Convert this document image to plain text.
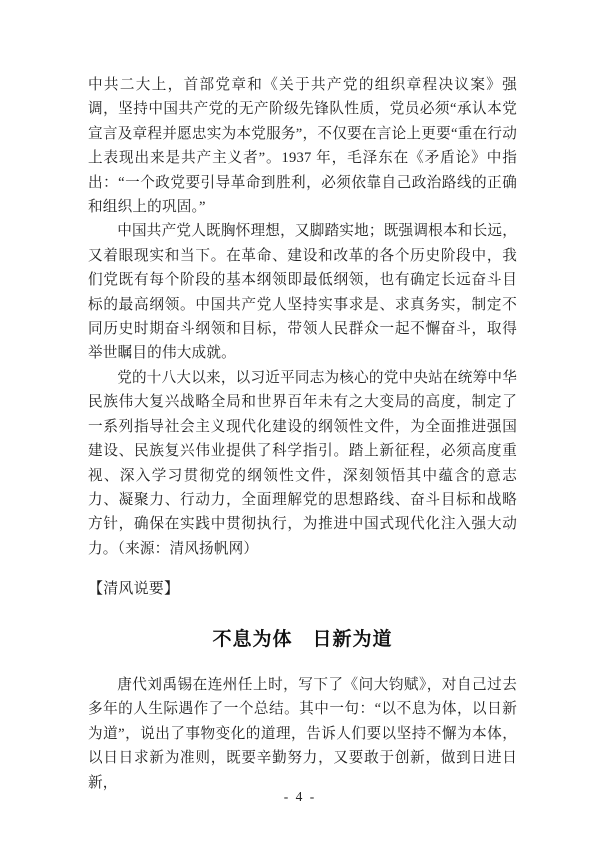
中共二大上，首部党章和《关于共产党的组织章程决议案》强调，坚持中国共产党的无产阶级先锋队性质，党员必须“承认本党宣言及章程并愿忠实为本党服务”，不仅要在言论上更要“重在行动上表现出来是共产主义者”。1937 年，毛泽东在《矛盾论》中指出：“一个政党要引导革命到胜利，必须依靠自己政治路线的正确和组织上的巩固。”

中国共产党人既胸怀理想，又脚踏实地；既强调根本和长远，又着眼现实和当下。在革命、建设和改革的各个历史阶段中，我们党既有每个阶段的基本纲领即最低纲领，也有确定长远奋斗目标的最高纲领。中国共产党人坚持实事求是、求真务实，制定不同历史时期奋斗纲领和目标，带领人民群众一起不懈奋斗，取得举世瞩目的伟大成就。

党的十八大以来，以习近平同志为核心的党中央站在统筹中华民族伟大复兴战略全局和世界百年未有之大变局的高度，制定了一系列指导社会主义现代化建设的纲领性文件，为全面推进强国建设、民族复兴伟业提供了科学指引。踏上新征程，必须高度重视、深入学习贯彻党的纲领性文件，深刻领悟其中蕴含的意志力、凝聚力、行动力，全面理解党的思想路线、奋斗目标和战略方针，确保在实践中贯彻执行，为推进中国式现代化注入强大动力。（来源：清风扬帆网）

【清风说要】

不息为体　日新为道

唐代刘禹锡在连州任上时，写下了《问大钧赋》，对自己过去多年的人生际遇作了一个总结。其中一句：“以不息为体，以日新为道”，说出了事物变化的道理，告诉人们要以坚持不懈为本体，以日日求新为准则，既要辛勤努力，又要敢于创新，做到日进日新，

- 4 -
